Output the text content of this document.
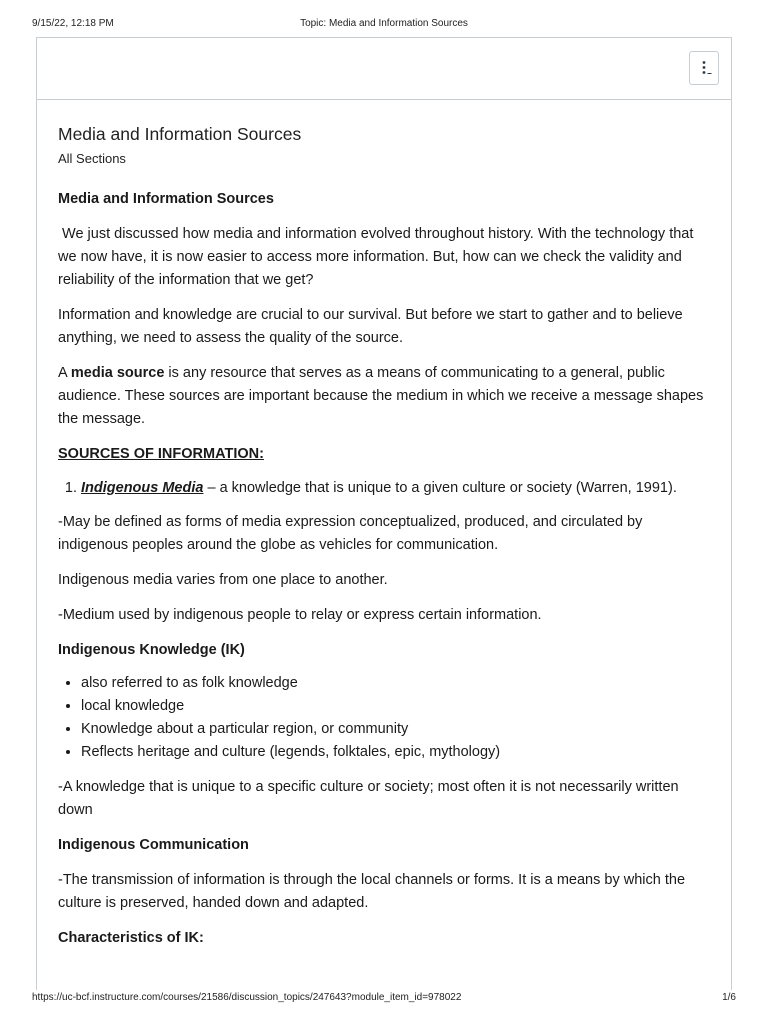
9/15/22, 12:18 PM	Topic: Media and Information Sources
Media and Information Sources
All Sections

Media and Information Sources

We just discussed how media and information evolved throughout history. With the technology that we now have, it is now easier to access more information. But, how can we check the validity and reliability of the information that we get?

Information and knowledge are crucial to our survival. But before we start to gather and to believe anything, we need to assess the quality of the source.

A media source is any resource that serves as a means of communicating to a general, public audience. These sources are important because the medium in which we receive a message shapes the message.

SOURCES OF INFORMATION:

1. Indigenous Media – a knowledge that is unique to a given culture or society (Warren, 1991).

-May be defined as forms of media expression conceptualized, produced, and circulated by indigenous peoples around the globe as vehicles for communication.

Indigenous media varies from one place to another.

-Medium used by indigenous people to relay or express certain information.

Indigenous Knowledge (IK)

• also referred to as folk knowledge
• local knowledge
• Knowledge about a particular region, or community
• Reflects heritage and culture (legends, folktales, epic, mythology)

-A knowledge that is unique to a specific culture or society; most often it is not necessarily written down

Indigenous Communication

-The transmission of information is through the local channels or forms. It is a means by which the culture is preserved, handed down and adapted.

Characteristics of IK:

https://uc-bcf.instructure.com/courses/21586/discussion_topics/247643?module_item_id=978022	1/6
